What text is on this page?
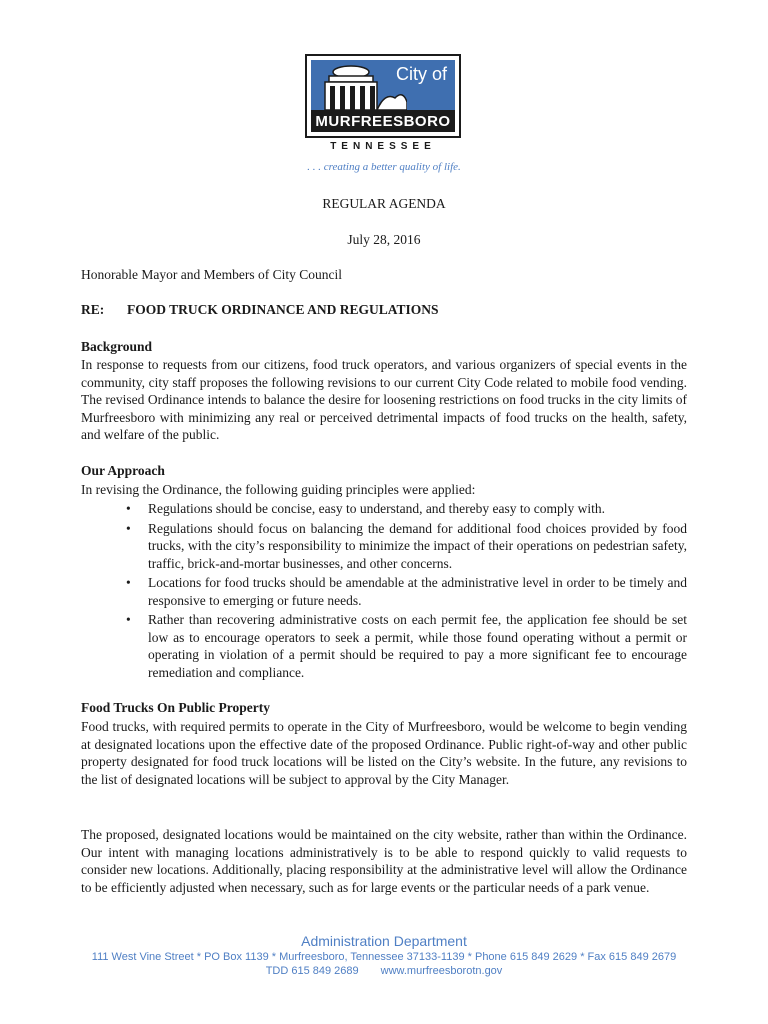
City of
MURFREESBORO
TENNESSEE
. . . creating a better quality of life.
REGULAR AGENDA
July 28, 2016
Honorable Mayor and Members of City Council
RE: FOOD TRUCK ORDINANCE AND REGULATIONS
Background
In response to requests from our citizens, food truck operators, and various organizers of special events in the community, city staff proposes the following revisions to our current City Code related to mobile food vending. The revised Ordinance intends to balance the desire for loosening restrictions on food trucks in the city limits of Murfreesboro with minimizing any real or perceived detrimental impacts of food trucks on the health, safety, and welfare of the public.
Our Approach
In revising the Ordinance, the following guiding principles were applied:
• Regulations should be concise, easy to understand, and thereby easy to comply with.
• Regulations should focus on balancing the demand for additional food choices provided by food trucks, with the city’s responsibility to minimize the impact of their operations on pedestrian safety, traffic, brick-and-mortar businesses, and other concerns.
• Locations for food trucks should be amendable at the administrative level in order to be timely and responsive to emerging or future needs.
• Rather than recovering administrative costs on each permit fee, the application fee should be set low as to encourage operators to seek a permit, while those found operating without a permit or operating in violation of a permit should be required to pay a more significant fee to encourage remediation and compliance.
Food Trucks On Public Property
Food trucks, with required permits to operate in the City of Murfreesboro, would be welcome to begin vending at designated locations upon the effective date of the proposed Ordinance. Public right-of-way and other public property designated for food truck locations will be listed on the City’s website. In the future, any revisions to the list of designated locations will be subject to approval by the City Manager.
The proposed, designated locations would be maintained on the city website, rather than within the Ordinance. Our intent with managing locations administratively is to be able to respond quickly to valid requests to consider new locations. Additionally, placing responsibility at the administrative level will allow the Ordinance to be efficiently adjusted when necessary, such as for large events or the particular needs of a park venue.
Administration Department
111 West Vine Street * PO Box 1139 * Murfreesboro, Tennessee 37133-1139 * Phone 615 849 2629 * Fax 615 849 2679
TDD 615 849 2689 www.murfreesborotn.gov
